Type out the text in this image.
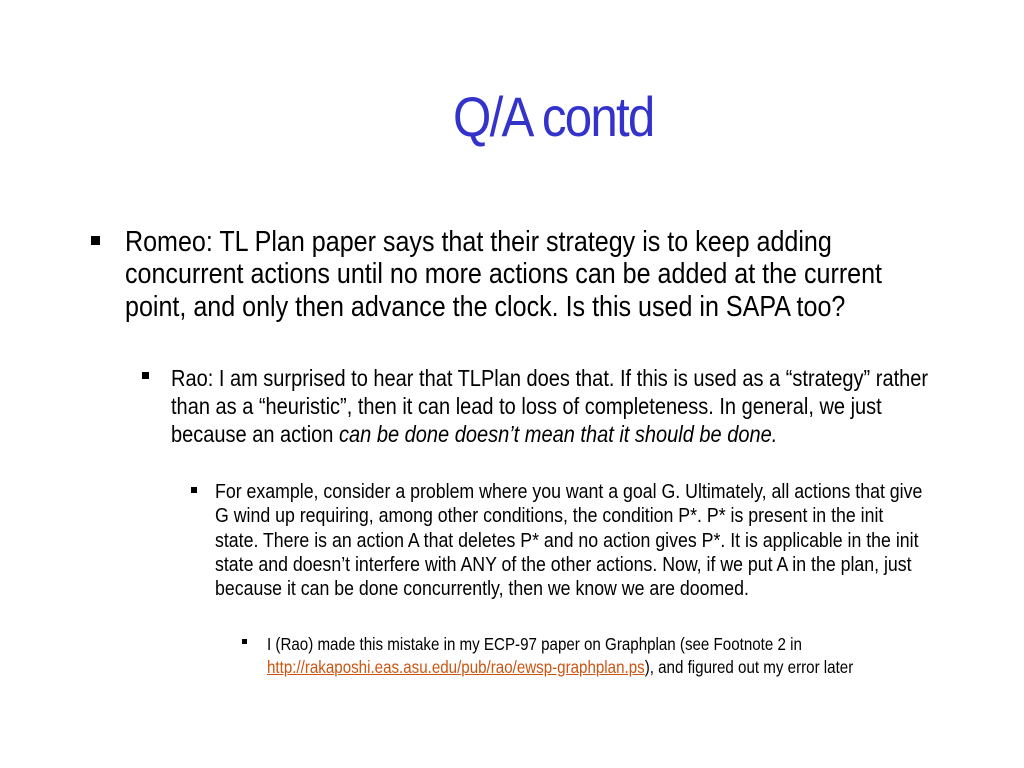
Q/A contd

Romeo: TL Plan paper says that their strategy is to keep adding concurrent actions until no more actions can be added at the current point, and only then advance the clock. Is this used in SAPA too?

Rao: I am surprised to hear that TLPlan does that. If this is used as a “strategy” rather than as a “heuristic”, then it can lead to loss of completeness. In general, we just because an action can be done doesn’t mean that it should be done.

For example, consider a problem where you want a goal G. Ultimately, all actions that give G wind up requiring, among other conditions, the condition P*. P* is present in the init state. There is an action A that deletes P* and no action gives P*. It is applicable in the init state and doesn’t interfere with ANY of the other actions. Now, if we put A in the plan, just because it can be done concurrently, then we know we are doomed.

I (Rao) made this mistake in my ECP-97 paper on Graphplan (see Footnote 2 in http://rakaposhi.eas.asu.edu/pub/rao/ewsp-graphplan.ps), and figured out my error later
